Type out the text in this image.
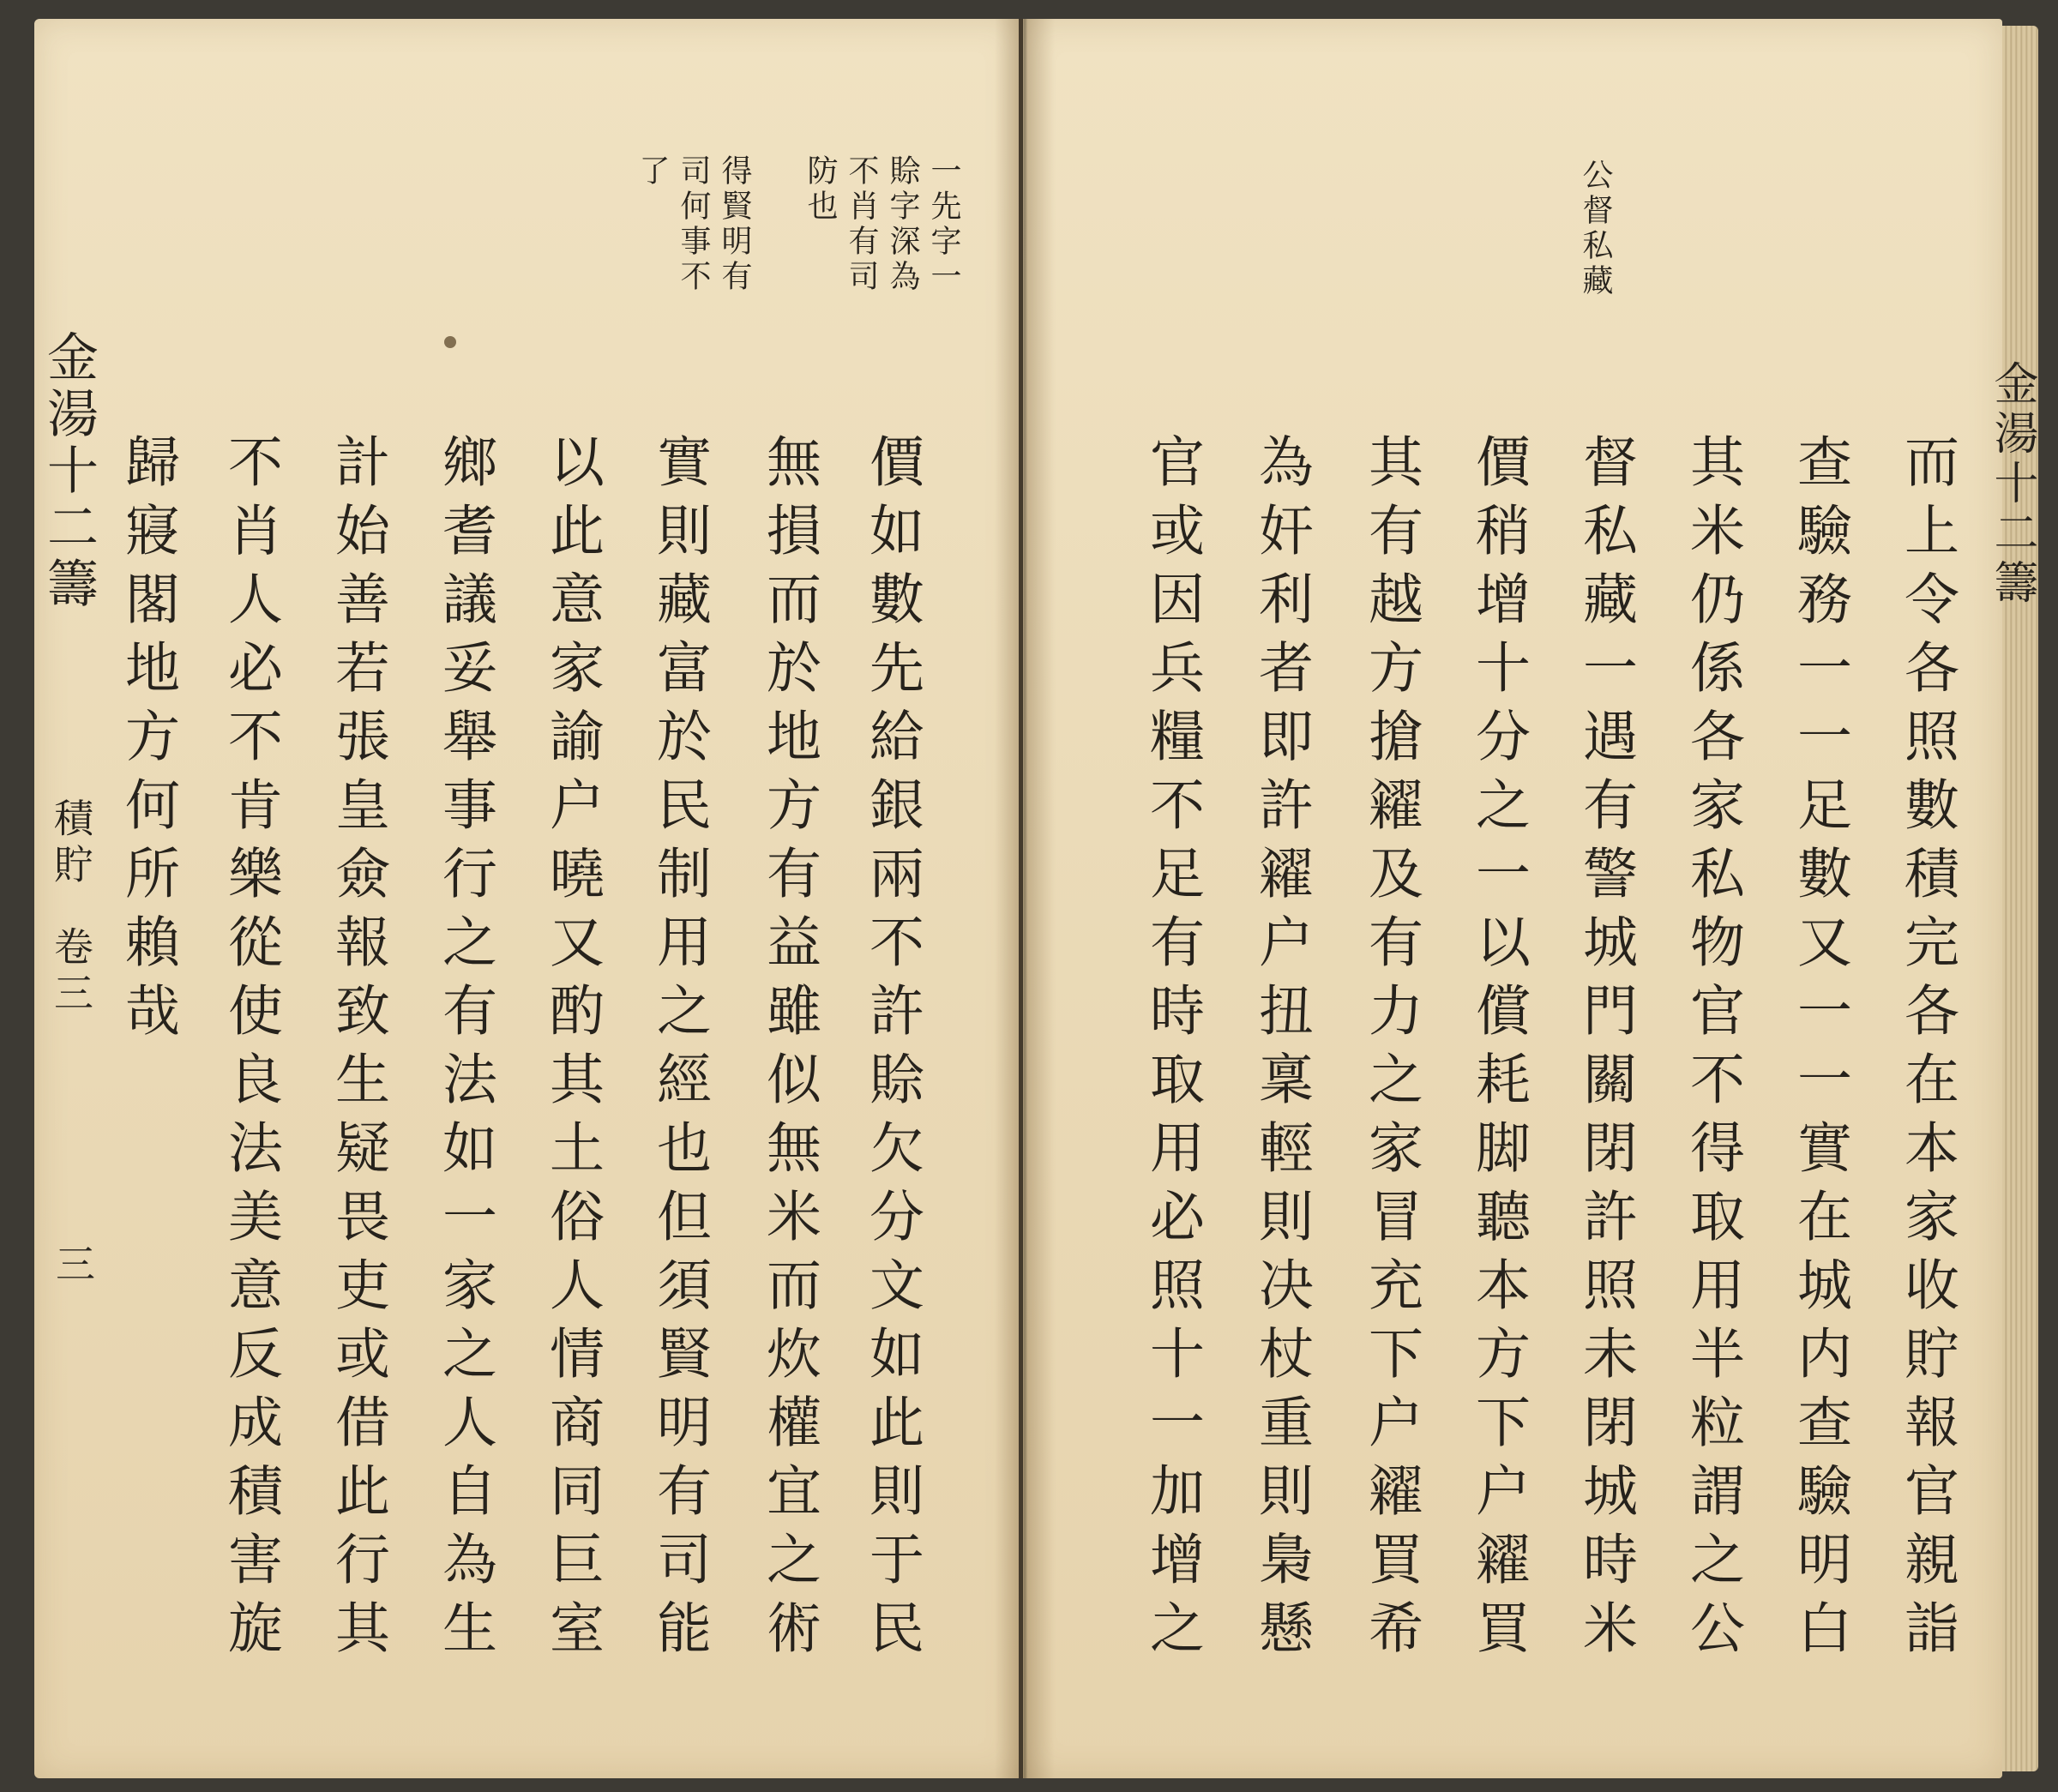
金湯十二籌
積貯
卷三
三	價如數先給銀兩不許賒欠分文如此則于民
無損而於地方有益雖似無米而炊權宜之術
實則藏富於民制用之經也但須賢明有司能
以此意家諭户曉又酌其土俗人情商同巨室
鄉耆議妥舉事行之有法如一家之人自為生
計始善若張皇僉報致生疑畏吏或借此行其
不肖人必不肯樂從使良法美意反成積害旋
歸寢閣地方何所賴哉
一先字一
賒字深為
不肖有司
防也
得賢明有
司何事不
了
而上令各照數積完各在本家收貯報官親詣
查驗務一一足數又一一實在城内查驗明白
其米仍係各家私物官不得取用半粒謂之公
督私藏一遇有警城門關閉許照未閉城時米
價稍增十分之一以償耗脚聽本方下户糴買
其有越方搶糴及有力之家冒充下户糴買希
為奸利者即許糴户扭稟輕則决杖重則梟懸
官或因兵糧不足有時取用必照十一加增之
公督私藏
金湯十二籌
